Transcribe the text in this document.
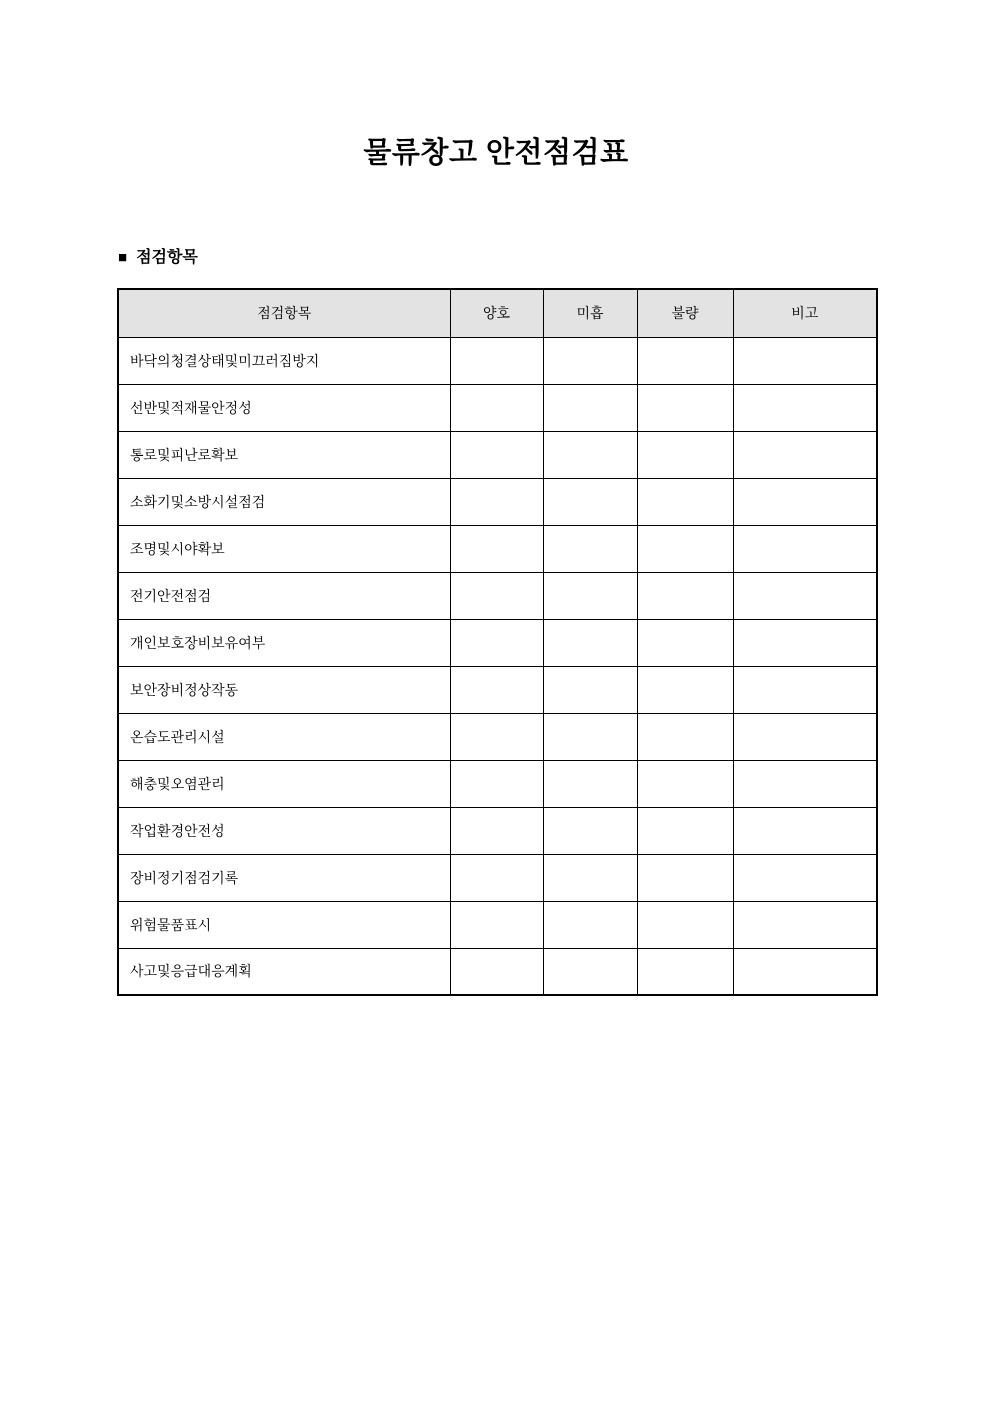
물류창고 안전점검표
■ 점검항목
점검항목	양호	미흡	불량	비고
바닥의청결상태및미끄러짐방지				
선반및적재물안정성				
통로및피난로확보				
소화기및소방시설점검				
조명및시야확보				
전기안전점검				
개인보호장비보유여부				
보안장비정상작동				
온습도관리시설				
해충및오염관리				
작업환경안전성				
장비정기점검기록				
위험물품표시				
사고및응급대응계획				
